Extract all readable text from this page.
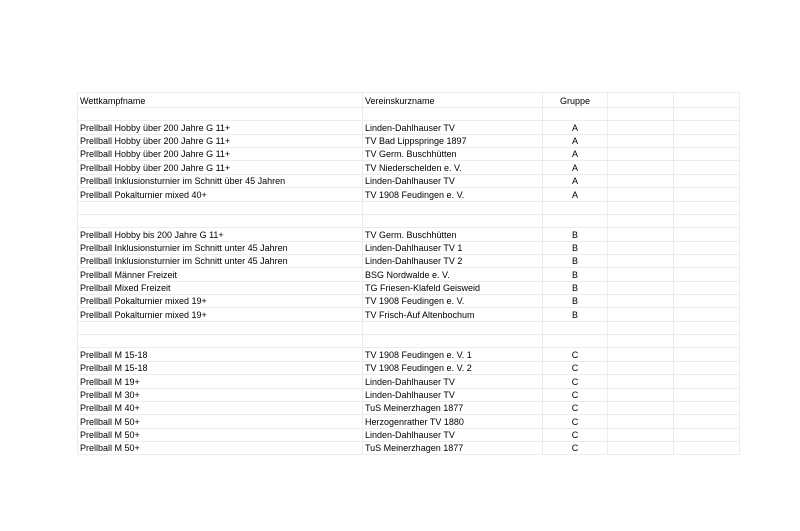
Wettkampfname	Vereinskurzname	Gruppe		

Prellball Hobby über 200 Jahre G 11+	Linden-Dahlhauser TV	A		
Prellball Hobby über 200 Jahre G 11+	TV Bad Lippspringe 1897	A		
Prellball Hobby über 200 Jahre G 11+	TV Germ. Buschhütten	A		
Prellball Hobby über 200 Jahre G 11+	TV Niederschelden e. V.	A		
Prellball Inklusionsturnier im Schnitt über 45 Jahren	Linden-Dahlhauser TV	A		
Prellball Pokalturnier mixed 40+	TV 1908 Feudingen e. V.	A		

Prellball Hobby bis 200 Jahre G 11+	TV Germ. Buschhütten	B		
Prellball Inklusionsturnier im Schnitt unter 45 Jahren	Linden-Dahlhauser TV 1	B		
Prellball Inklusionsturnier im Schnitt unter 45 Jahren	Linden-Dahlhauser TV 2	B		
Prellball Männer Freizeit	BSG Nordwalde e. V.	B		
Prellball Mixed Freizeit	TG Friesen-Klafeld Geisweid	B		
Prellball Pokalturnier mixed 19+	TV 1908 Feudingen e. V.	B		
Prellball Pokalturnier mixed 19+	TV Frisch-Auf Altenbochum	B		

Prellball M 15-18	TV 1908 Feudingen e. V. 1	C		
Prellball M 15-18	TV 1908 Feudingen e. V. 2	C		
Prellball M 19+	Linden-Dahlhauser TV	C		
Prellball M 30+	Linden-Dahlhauser TV	C		
Prellball M 40+	TuS Meinerzhagen 1877	C		
Prellball M 50+	Herzogenrather TV 1880	C		
Prellball M 50+	Linden-Dahlhauser TV	C		
Prellball M 50+	TuS Meinerzhagen 1877	C		
